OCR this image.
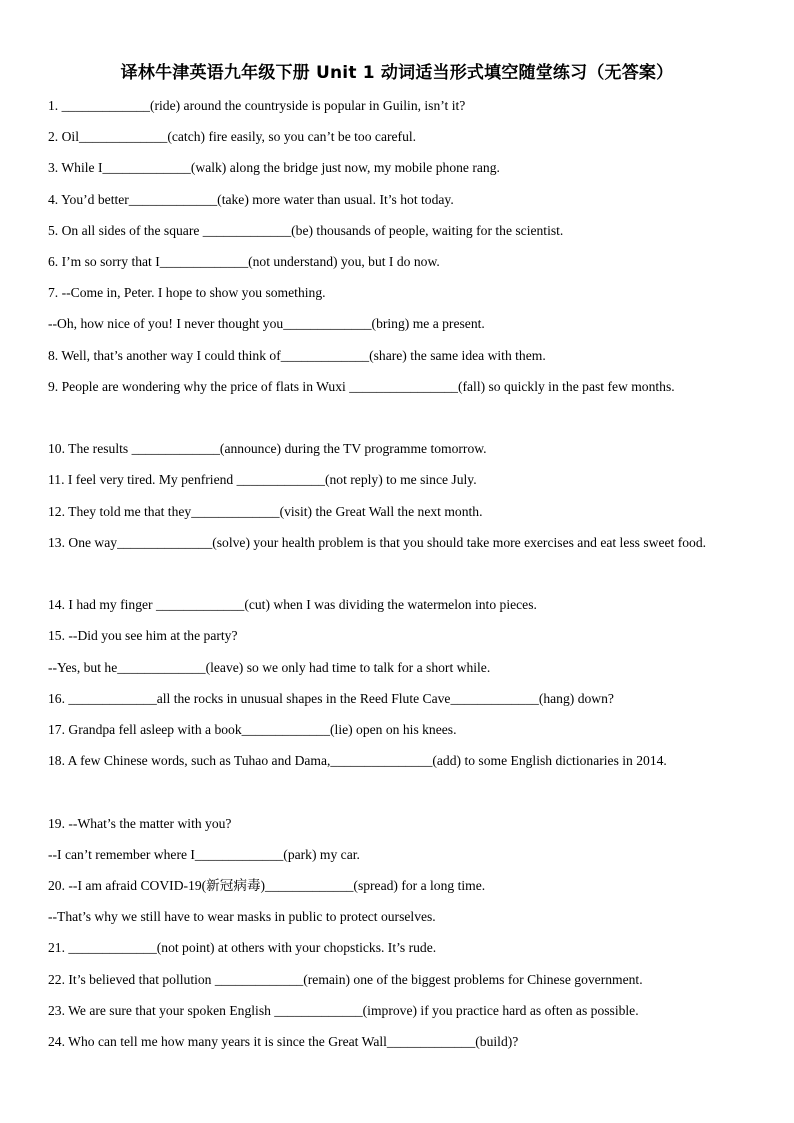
译林牛津英语九年级下册 Unit 1 动词适当形式填空随堂练习（无答案）
1. _____________(ride) around the countryside is popular in Guilin, isn’t it?
2. Oil_____________(catch) fire easily, so you can’t be too careful.
3. While I_____________(walk) along the bridge just now, my mobile phone rang.
4. You’d better_____________(take) more water than usual. It’s hot today.
5. On all sides of the square _____________(be) thousands of people, waiting for the scientist.
6. I’m so sorry that I_____________(not understand) you, but I do now.
7. --Come in, Peter. I hope to show you something.
--Oh, how nice of you! I never thought you_____________(bring) me a present.
8. Well, that’s another way I could think of_____________(share) the same idea with them.
9. People are wondering why the price of flats in Wuxi ________________(fall) so quickly in the past few months.
10. The results _____________(announce) during the TV programme tomorrow.
11. I feel very tired. My penfriend _____________(not reply) to me since July.
12. They told me that they_____________(visit) the Great Wall the next month.
13. One way______________(solve) your health problem is that you should take more exercises and eat less sweet food.
14. I had my finger _____________(cut) when I was dividing the watermelon into pieces.
15. --Did you see him at the party?
--Yes, but he_____________(leave) so we only had time to talk for a short while.
16. _____________all the rocks in unusual shapes in the Reed Flute Cave_____________(hang) down?
17. Grandpa fell asleep with a book_____________(lie) open on his knees.
18. A few Chinese words, such as Tuhao and Dama,_______________(add) to some English dictionaries in 2014.
19. --What’s the matter with you?
--I can’t remember where I_____________(park) my car.
20. --I am afraid COVID-19(新冠病毒)_____________(spread) for a long time.
--That’s why we still have to wear masks in public to protect ourselves.
21. _____________(not point) at others with your chopsticks. It’s rude.
22. It’s believed that pollution _____________(remain) one of the biggest problems for Chinese government.
23. We are sure that your spoken English _____________(improve) if you practice hard as often as possible.
24. Who can tell me how many years it is since the Great Wall_____________(build)?
